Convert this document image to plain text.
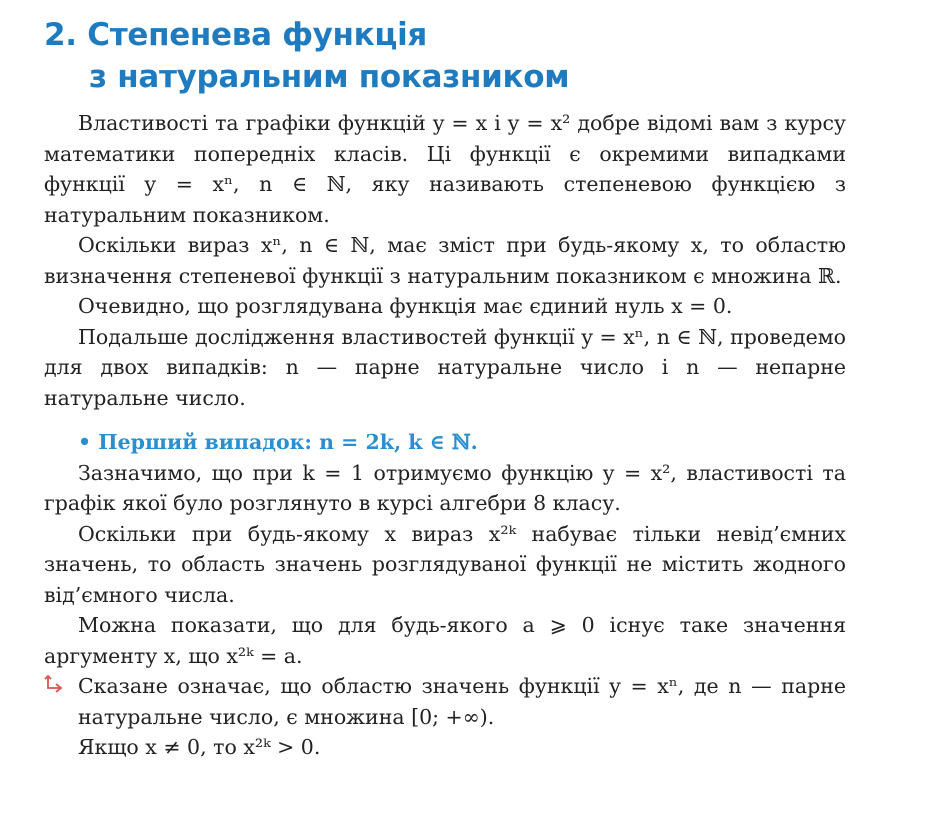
2. Степенева функція
з натуральним показником

Властивості та графіки функцій y = x і y = x² добре відомі вам з курсу математики попередніх класів. Ці функції є окремими випадками функції y = xⁿ, n ∈ ℕ, яку називають степеневою функцією з натуральним показником.

Оскільки вираз xⁿ, n ∈ ℕ, має зміст при будь-якому x, то областю визначення степеневої функції з натуральним показником є множина ℝ.

Очевидно, що розглядувана функція має єдиний нуль x = 0.

Подальше дослідження властивостей функції y = xⁿ, n ∈ ℕ, проведемо для двох випадків: n — парне натуральне число і n — непарне натуральне число.

• Перший випадок: n = 2k, k ∈ ℕ.

Зазначимо, що при k = 1 отримуємо функцію y = x², властивості та графік якої було розглянуто в курсі алгебри 8 класу.

Оскільки при будь-якому x вираз x²ᵏ набуває тільки невід’ємних значень, то область значень розглядуваної функції не містить жодного від’ємного числа.

Можна показати, що для будь-якого a ⩾ 0 існує таке значення аргументу x, що x²ᵏ = a.

Сказане означає, що областю значень функції y = xⁿ, де n — парне натуральне число, є множина [0; +∞).

Якщо x ≠ 0, то x²ᵏ > 0.
